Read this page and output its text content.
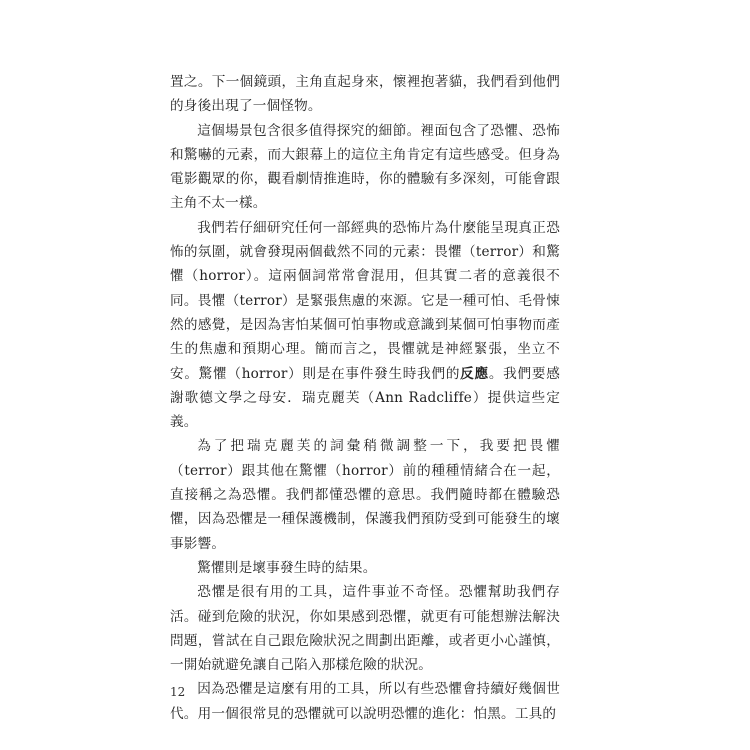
置之。下一個鏡頭，主角直起身來，懷裡抱著貓，我們看到他們的身後出現了一個怪物。

這個場景包含很多值得探究的細節。裡面包含了恐懼、恐怖和驚嚇的元素，而大銀幕上的這位主角肯定有這些感受。但身為電影觀眾的你，觀看劇情推進時，你的體驗有多深刻，可能會跟主角不太一樣。

我們若仔細研究任何一部經典的恐怖片為什麼能呈現真正恐怖的氛圍，就會發現兩個截然不同的元素：畏懼（terror）和驚懼（horror）。這兩個詞常常會混用，但其實二者的意義很不同。畏懼（terror）是緊張焦慮的來源。它是一種可怕、毛骨悚然的感覺，是因為害怕某個可怕事物或意識到某個可怕事物而產生的焦慮和預期心理。簡而言之，畏懼就是神經緊張，坐立不安。驚懼（horror）則是在事件發生時我們的反應。我們要感謝歌德文學之母安．瑞克麗芙（Ann Radcliffe）提供這些定義。

為了把瑞克麗芙的詞彙稍微調整一下，我要把畏懼（terror）跟其他在驚懼（horror）前的種種情緒合在一起，直接稱之為恐懼。我們都懂恐懼的意思。我們隨時都在體驗恐懼，因為恐懼是一種保護機制，保護我們預防受到可能發生的壞事影響。

驚懼則是壞事發生時的結果。

恐懼是很有用的工具，這件事並不奇怪。恐懼幫助我們存活。碰到危險的狀況，你如果感到恐懼，就更有可能想辦法解決問題，嘗試在自己跟危險狀況之間劃出距離，或者更小心謹慎，一開始就避免讓自己陷入那樣危險的狀況。

因為恐懼是這麼有用的工具，所以有些恐懼會持續好幾個世代。用一個很常見的恐懼就可以說明恐懼的進化：怕黑。工具的

12
